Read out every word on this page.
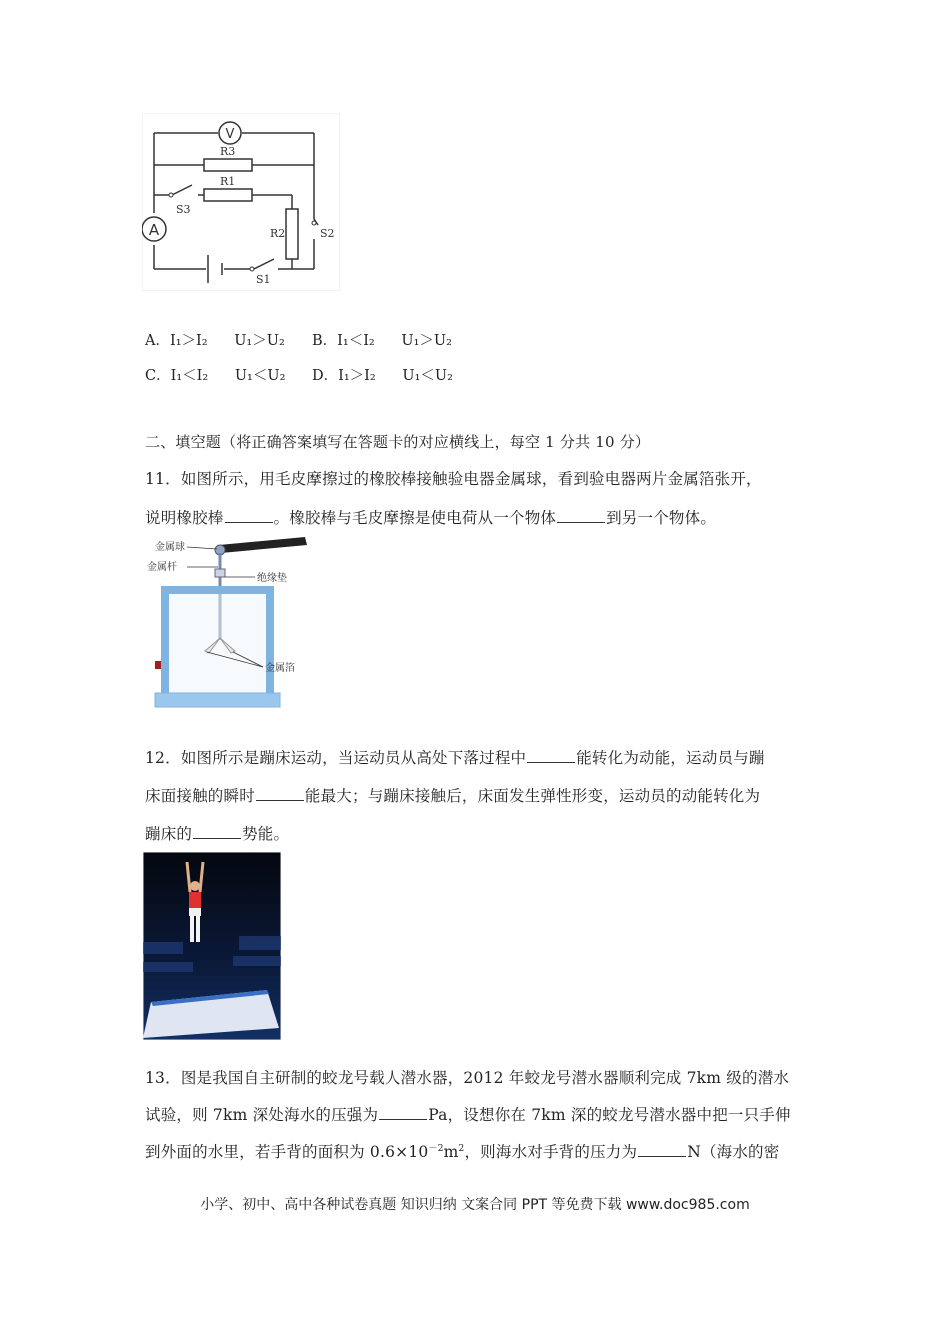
V
A
R3
R1
R2
S3
S2
S1
A．I₁＞I₂ U₁＞U₂ B．I₁＜I₂ U₁＞U₂
C．I₁＜I₂ U₁＜U₂ D．I₁＞I₂ U₁＜U₂
二、填空题（将正确答案填写在答题卡的对应横线上，每空 1 分共 10 分）
11．如图所示，用毛皮摩擦过的橡胶棒接触验电器金属球，看到验电器两片金属箔张开，
说明橡胶棒	。橡胶棒与毛皮摩擦是使电荷从一个物体	到另一个物体。
金属球
金属杆
绝缘垫
金属箔
12．如图所示是蹦床运动，当运动员从高处下落过程中	能转化为动能，运动员与蹦
床面接触的瞬时	能最大；与蹦床接触后，床面发生弹性形变，运动员的动能转化为
蹦床的	势能。
13．图是我国自主研制的蛟龙号载人潜水器，2012 年蛟龙号潜水器顺利完成 7km 级的潜水
试验，则 7km 深处海水的压强为	Pa，设想你在 7km 深的蛟龙号潜水器中把一只手伸
到外面的水里，若手背的面积为 $0.6\times 10^{-2}m^2$，则海水对手背的压力为	N（海水的密
小学、初中、高中各种试卷真题 知识归纳 文案合同 PPT 等免费下载 www.doc985.com
